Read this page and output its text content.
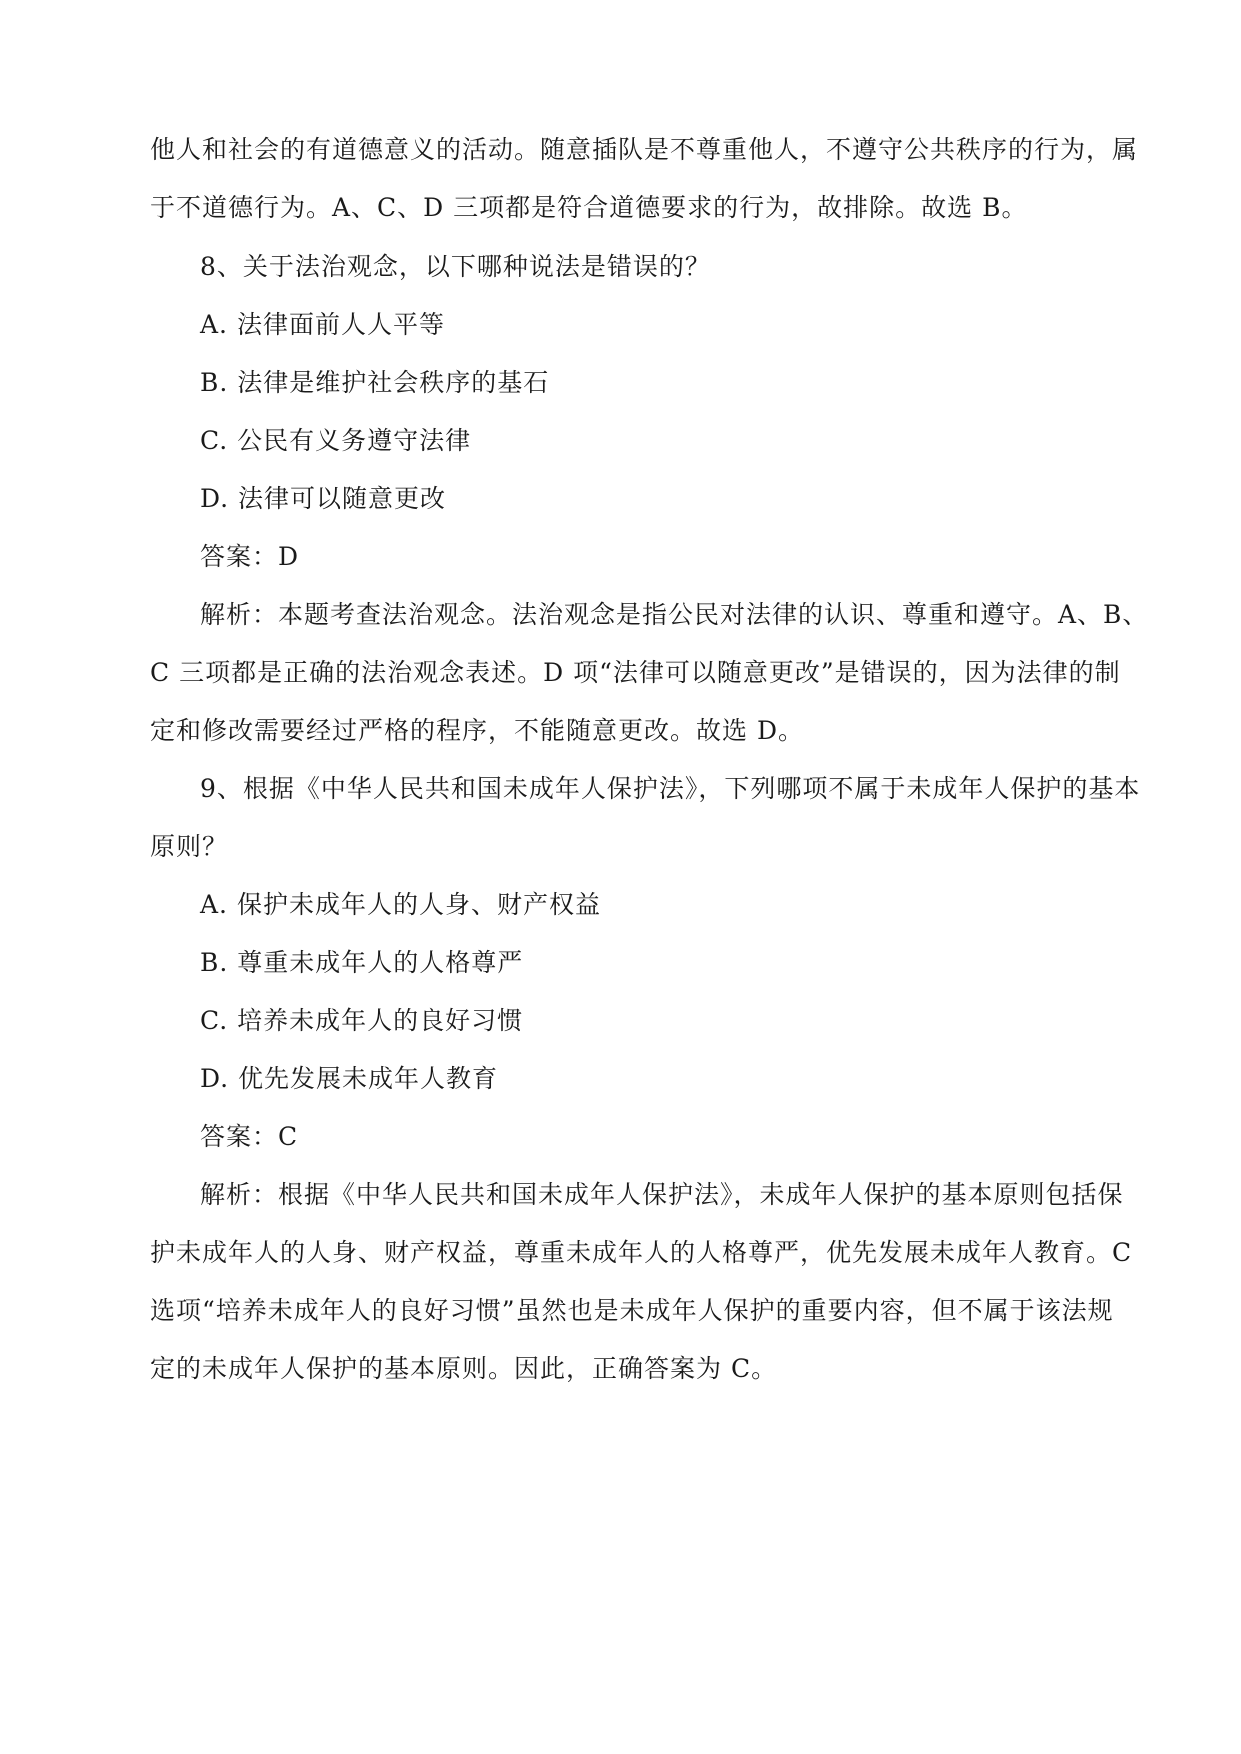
他人和社会的有道德意义的活动。随意插队是不尊重他人，不遵守公共秩序的行为，属
于不道德行为。A、C、D 三项都是符合道德要求的行为，故排除。故选 B。
8、关于法治观念，以下哪种说法是错误的？
A. 法律面前人人平等
B. 法律是维护社会秩序的基石
C. 公民有义务遵守法律
D. 法律可以随意更改
答案：D
解析：本题考查法治观念。法治观念是指公民对法律的认识、尊重和遵守。A、B、
C 三项都是正确的法治观念表述。D 项“法律可以随意更改”是错误的，因为法律的制
定和修改需要经过严格的程序，不能随意更改。故选 D。
9、根据《中华人民共和国未成年人保护法》，下列哪项不属于未成年人保护的基本
原则？
A. 保护未成年人的人身、财产权益
B. 尊重未成年人的人格尊严
C. 培养未成年人的良好习惯
D. 优先发展未成年人教育
答案：C
解析：根据《中华人民共和国未成年人保护法》，未成年人保护的基本原则包括保
护未成年人的人身、财产权益，尊重未成年人的人格尊严，优先发展未成年人教育。C
选项“培养未成年人的良好习惯”虽然也是未成年人保护的重要内容，但不属于该法规
定的未成年人保护的基本原则。因此，正确答案为 C。
